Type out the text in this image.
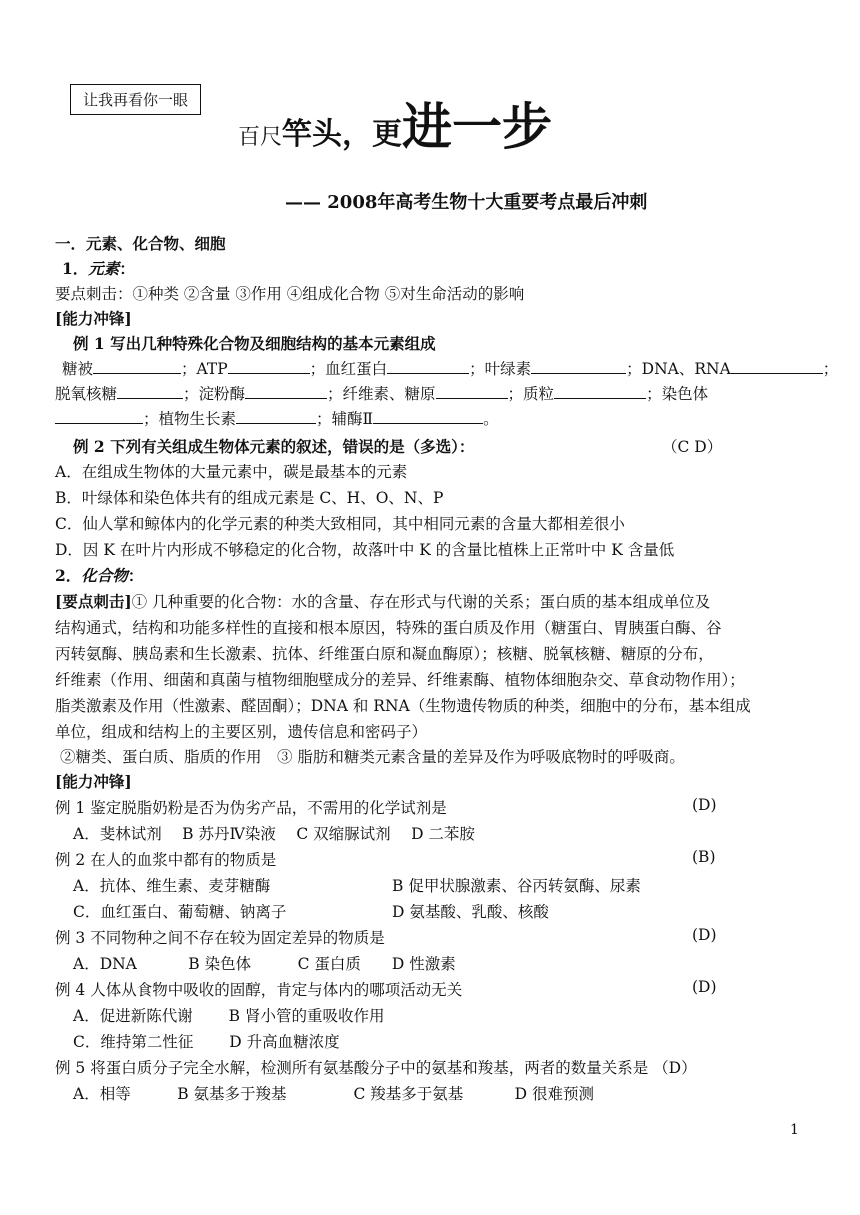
让我再看你一眼
百尺竿头，更进一步
—— 2008年高考生物十大重要考点最后冲刺
一．元素、化合物、细胞
1．元素：
要点刺击：①种类 ②含量 ③作用 ④组成化合物 ⑤对生命活动的影响
[能力冲锋]
例 1 写出几种特殊化合物及细胞结构的基本元素组成
糖被	；ATP	；血红蛋白	；叶绿素	；DNA、RNA	；
脱氧核糖	；淀粉酶	；纤维素、糖原	；质粒	；染色体
；植物生长素	；辅酶Ⅱ	。
例 2 下列有关组成生物体元素的叙述，错误的是（多选）：	（C D）
A．在组成生物体的大量元素中，碳是最基本的元素
B．叶绿体和染色体共有的组成元素是 C、H、O、N、P
C．仙人掌和鲸体内的化学元素的种类大致相同，其中相同元素的含量大都相差很小
D．因 K 在叶片内形成不够稳定的化合物，故落叶中 K 的含量比植株上正常叶中 K 含量低
2．化合物：
[要点刺击]① 几种重要的化合物：水的含量、存在形式与代谢的关系；蛋白质的基本组成单位及
结构通式，结构和功能多样性的直接和根本原因，特殊的蛋白质及作用（糖蛋白、胃胰蛋白酶、谷
丙转氨酶、胰岛素和生长激素、抗体、纤维蛋白原和凝血酶原）；核糖、脱氧核糖、糖原的分布，
纤维素（作用、细菌和真菌与植物细胞壁成分的差异、纤维素酶、植物体细胞杂交、草食动物作用）；
脂类激素及作用（性激素、醛固酮）；DNA 和 RNA（生物遗传物质的种类，细胞中的分布，基本组成
单位，组成和结构上的主要区别，遗传信息和密码子）
②糖类、蛋白质、脂质的作用　③ 脂肪和糖类元素含量的差异及作为呼吸底物时的呼吸商。
[能力冲锋]
例 1 鉴定脱脂奶粉是否为伪劣产品，不需用的化学试剂是	(D)
A．斐林试剂　 B 苏丹Ⅳ染液　 C 双缩脲试剂　 D 二苯胺
例 2 在人的血浆中都有的物质是	(B)
A．抗体、维生素、麦芽糖酶	B 促甲状腺激素、谷丙转氨酶、尿素
C．血红蛋白、葡萄糖、钠离子	D 氨基酸、乳酸、核酸
例 3 不同物种之间不存在较为固定差异的物质是	(D)
A．DNA　　　 B 染色体　　　C 蛋白质　　D 性激素
例 4 人体从食物中吸收的固醇，肯定与体内的哪项活动无关	(D)
A．促进新陈代谢　　 B 肾小管的重吸收作用
C．维持第二性征　　 D 升高血糖浓度
例 5 将蛋白质分子完全水解，检测所有氨基酸分子中的氨基和羧基，两者的数量关系是 （D）
A．相等　　　B 氨基多于羧基　　　　 C 羧基多于氨基　　　 D 很难预测
1
